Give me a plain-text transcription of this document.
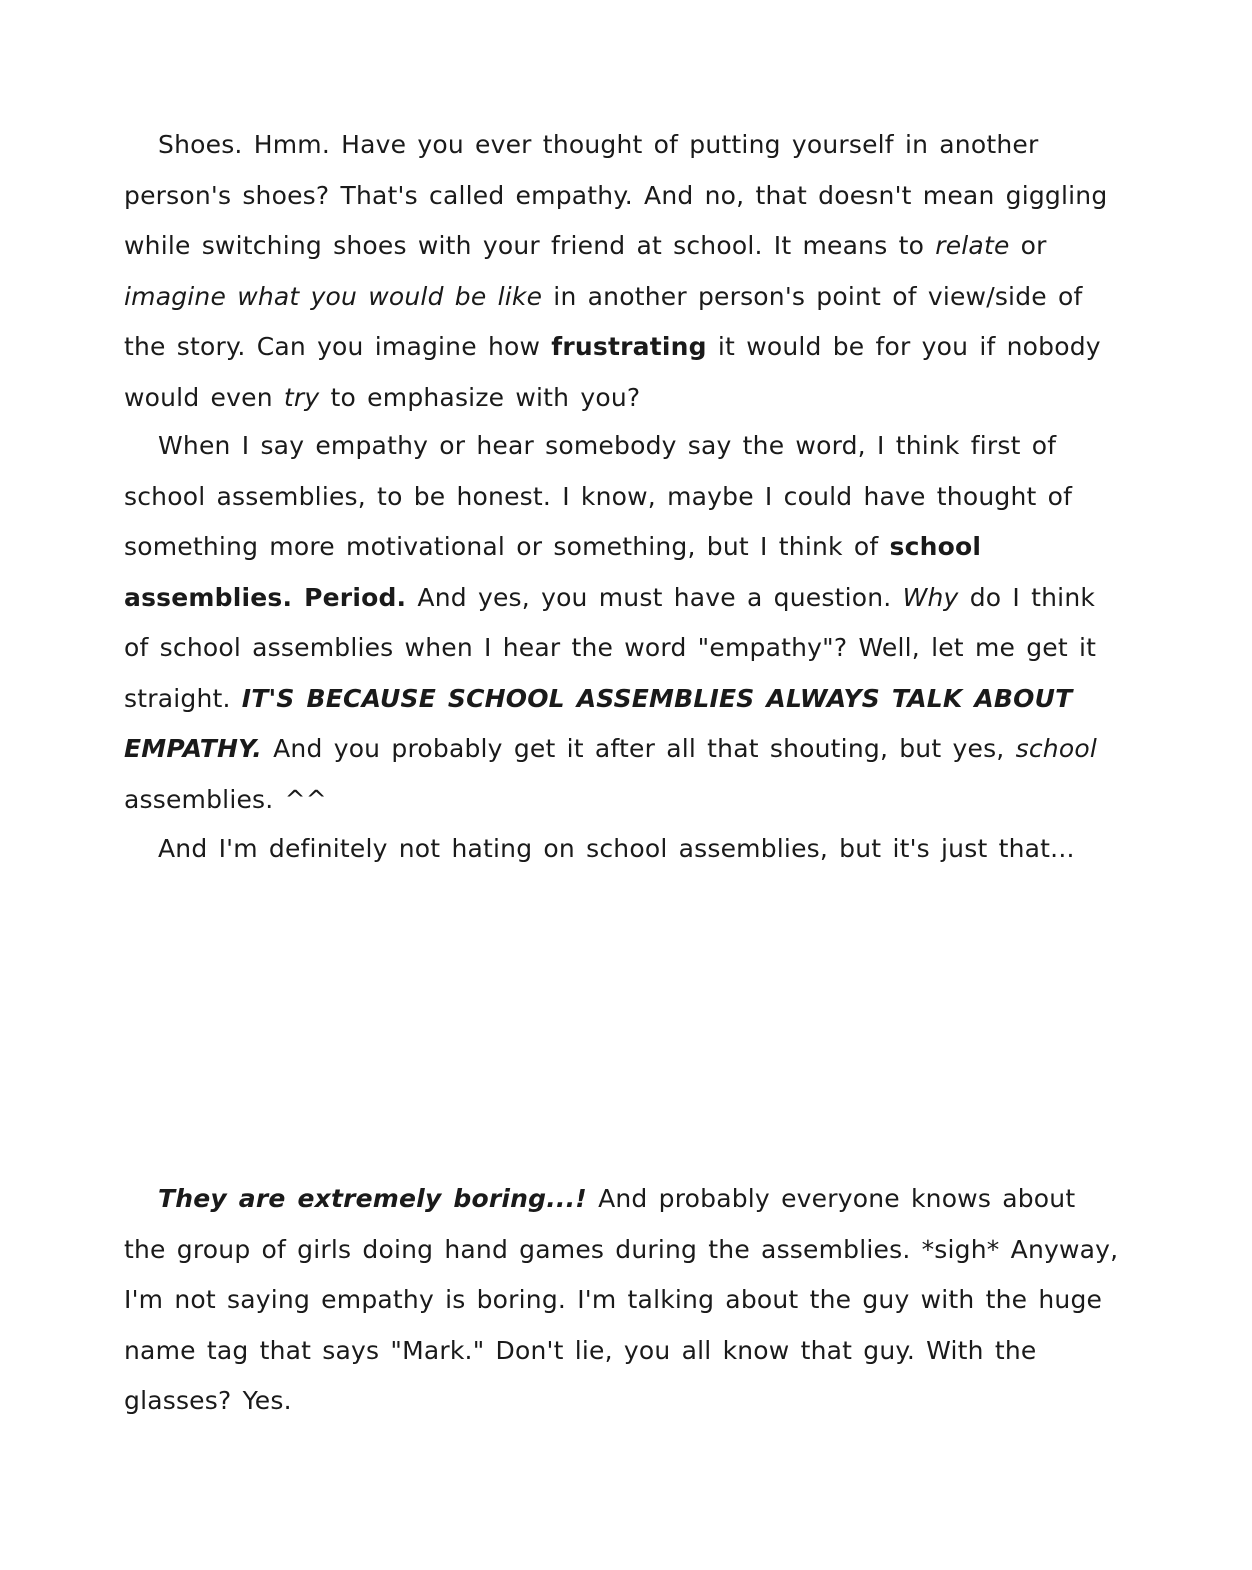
Shoes. Hmm. Have you ever thought of putting yourself in another person's shoes? That's called empathy. And no, that doesn't mean giggling while switching shoes with your friend at school. It means to relate or imagine what you would be like in another person's point of view/side of the story. Can you imagine how frustrating it would be for you if nobody would even try to emphasize with you?

When I say empathy or hear somebody say the word, I think first of school assemblies, to be honest. I know, maybe I could have thought of something more motivational or something, but I think of school assemblies. Period. And yes, you must have a question. Why do I think of school assemblies when I hear the word "empathy"? Well, let me get it straight. IT'S BECAUSE SCHOOL ASSEMBLIES ALWAYS TALK ABOUT EMPATHY. And you probably get it after all that shouting, but yes, school assemblies. ^^

And I'm definitely not hating on school assemblies, but it's just that...

They are extremely boring...! And probably everyone knows about the group of girls doing hand games during the assemblies. *sigh* Anyway, I'm not saying empathy is boring. I'm talking about the guy with the huge name tag that says "Mark." Don't lie, you all know that guy. With the glasses? Yes.
